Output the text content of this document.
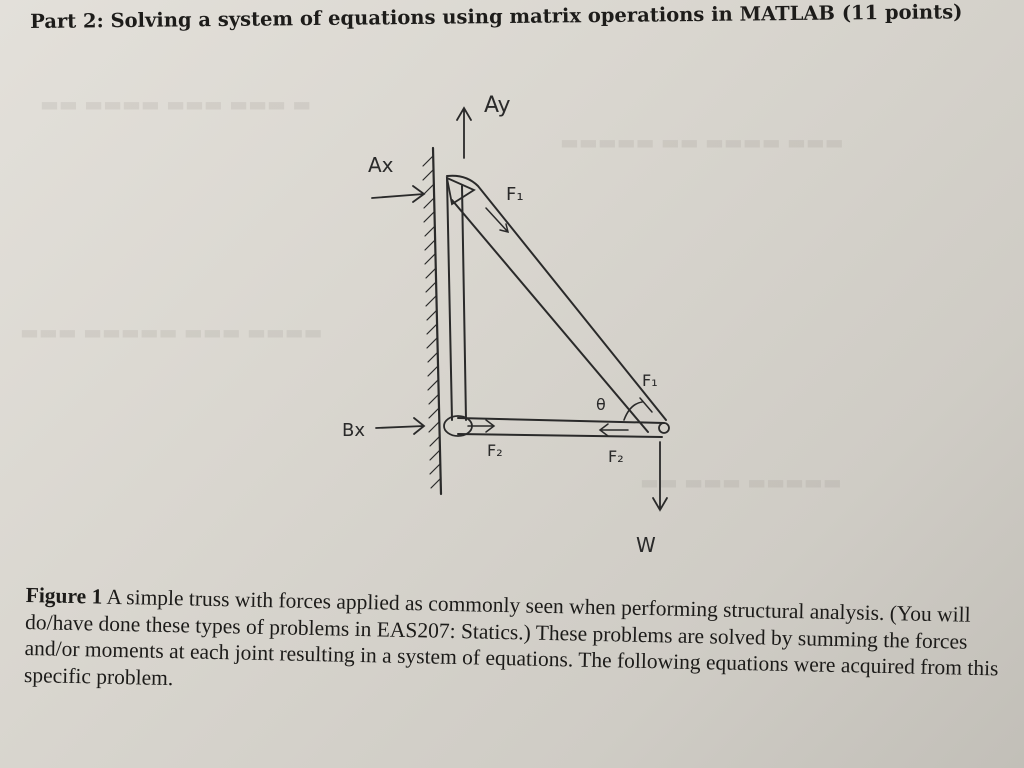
▬ ▬▬▬ ▬▬▬ ▬▬▬▬ ▬▬
▬▬▬ ▬▬▬▬ ▬▬ ▬▬▬▬▬
▬▬▬▬ ▬▬▬ ▬▬▬▬▬ ▬▬▬
▬▬▬▬▬ ▬▬▬ ▬▬
Part 2: Solving a system of equations using matrix operations in MATLAB (11 points)
Ay
Ax
F₁
F₁
θ
Bx
F₂	F₂
W
Figure 1 A simple truss with forces applied as commonly seen when performing structural analysis. (You will do/have done these types of problems in EAS207: Statics.) These problems are solved by summing the forces and/or moments at each joint resulting in a system of equations. The following equations were acquired from this specific problem.
